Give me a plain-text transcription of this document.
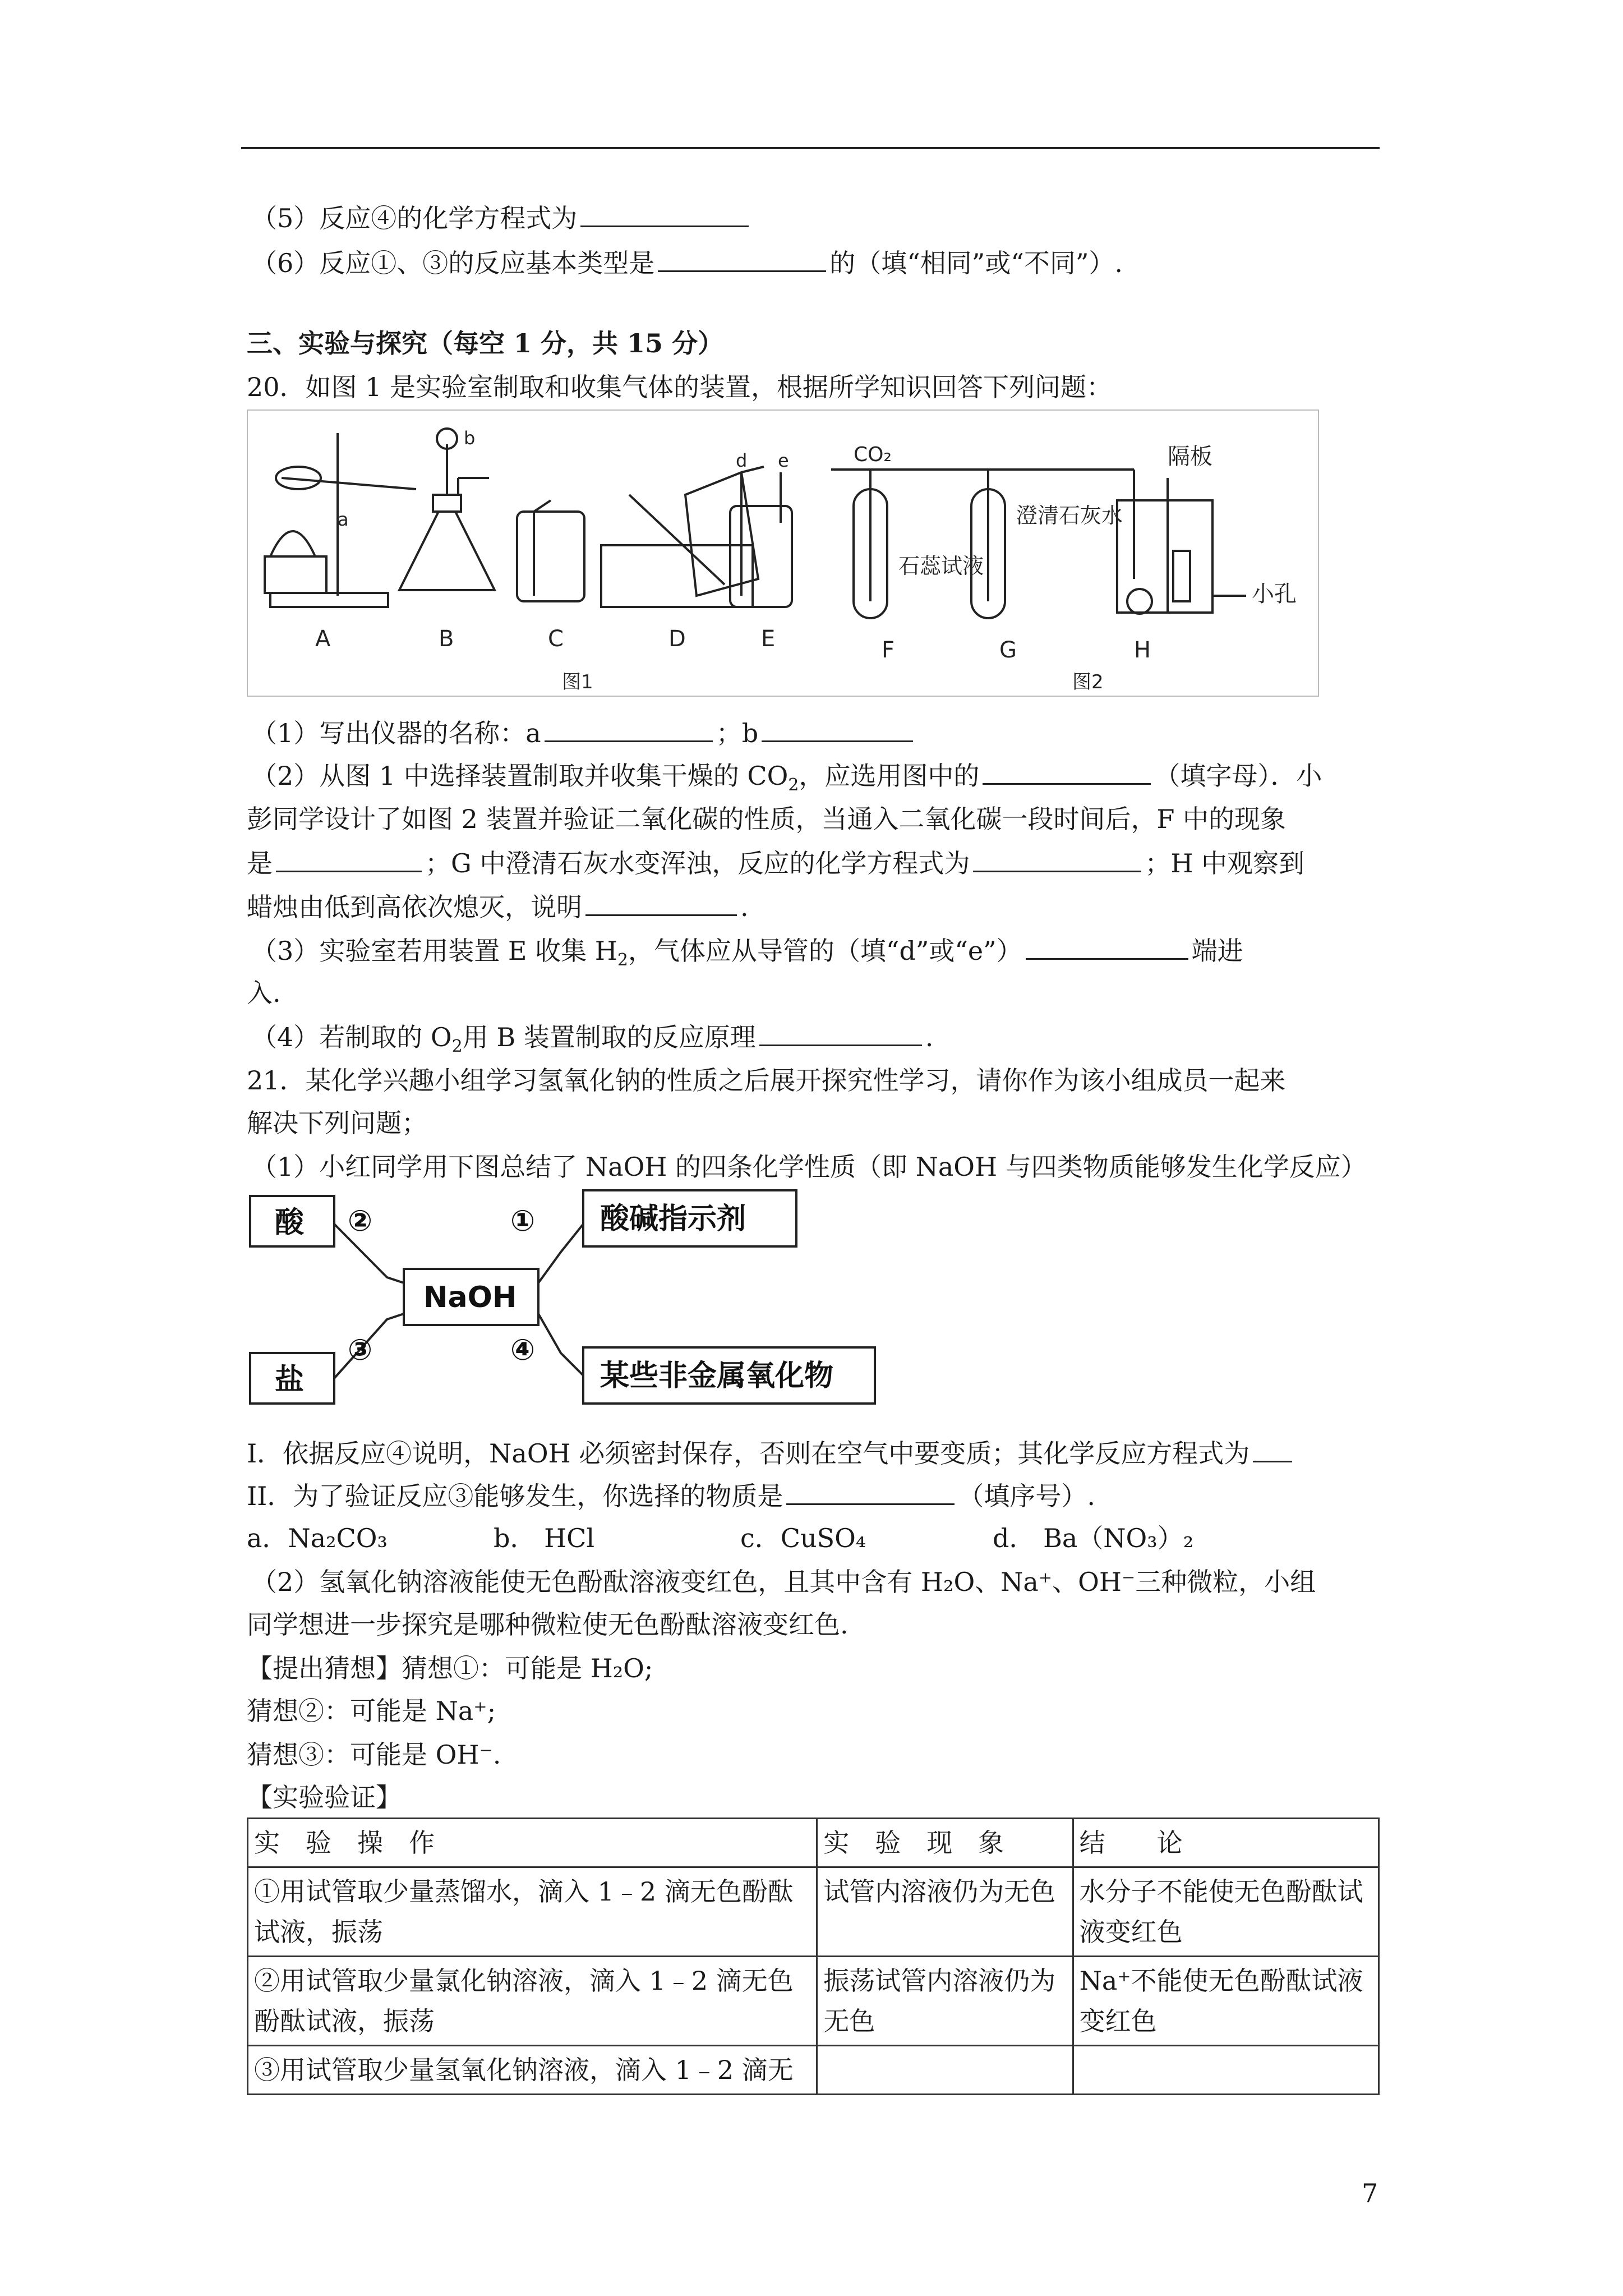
（5）反应④的化学方程式为
（6）反应①、③的反应基本类型是	的（填“相同”或“不同”）.
三、实验与探究（每空 1 分，共 15 分）
20．如图 1 是实验室制取和收集气体的装置，根据所学知识回答下列问题：
A	B	C	D	E	F	G	H
a
b
d e	CO₂	隔板
石蕊试液
澄清石灰水
小孔
图1	图2
（1）写出仪器的名称：a	；b
（2）从图 1 中选择装置制取并收集干燥的 $CO_2$，应选用图中的	（填字母）．小
彭同学设计了如图 2 装置并验证二氧化碳的性质，当通入二氧化碳一段时间后，F 中的现象
是	；G 中澄清石灰水变浑浊，反应的化学方程式为	；H 中观察到
蜡烛由低到高依次熄灭，说明	.
（3）实验室若用装置 E 收集 $H_2$，气体应从导管的（填“d”或“e”）	端进
入.
（4）若制取的 $O_2$用 B 装置制取的反应原理	.
21．某化学兴趣小组学习氢氧化钠的性质之后展开探究性学习，请你作为该小组成员一起来
解决下列问题；
（1）小红同学用下图总结了 NaOH 的四条化学性质（即 NaOH 与四类物质能够发生化学反应）
酸
盐
NaOH
酸碱指示剂
某些非金属氧化物
②	①
③	④
I．依据反应④说明，NaOH 必须密封保存，否则在空气中要变质；其化学反应方程式为
II．为了验证反应③能够发生，你选择的物质是	（填序号）.
a．Na₂CO₃	b． HCl	c．CuSO₄	d． Ba（NO₃）₂
（2）氢氧化钠溶液能使无色酚酞溶液变红色，且其中含有 H₂O、Na⁺、OH⁻三种微粒，小组
同学想进一步探究是哪种微粒使无色酚酞溶液变红色.
【提出猜想】猜想①：可能是 H₂O;
猜想②：可能是 Na⁺;
猜想③：可能是 OH⁻.
【实验验证】
实　验　操　作	实　验　现　象	结　　论
①用试管取少量蒸馏水，滴入 1﹣2 滴无色酚酞试液，振荡	试管内溶液仍为无色	水分子不能使无色酚酞试液变红色
②用试管取少量氯化钠溶液，滴入 1﹣2 滴无色酚酞试液，振荡	振荡试管内溶液仍为无色	Na⁺不能使无色酚酞试液变红色
③用试管取少量氢氧化钠溶液，滴入 1﹣2 滴无		
7
